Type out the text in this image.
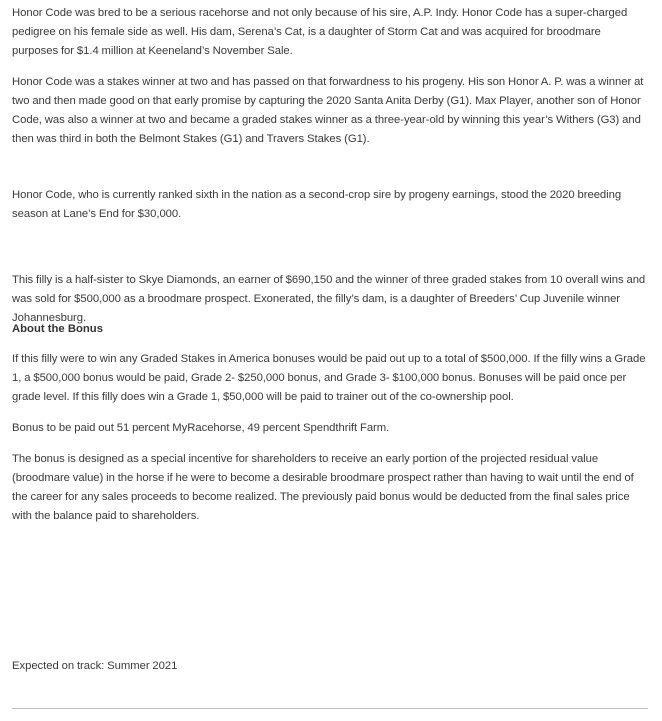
Honor Code was bred to be a serious racehorse and not only because of his sire, A.P. Indy. Honor Code has a super-charged pedigree on his female side as well. His dam, Serena’s Cat, is a daughter of Storm Cat and was acquired for broodmare purposes for $1.4 million at Keeneland’s November Sale.

Honor Code was a stakes winner at two and has passed on that forwardness to his progeny. His son Honor A. P. was a winner at two and then made good on that early promise by capturing the 2020 Santa Anita Derby (G1). Max Player, another son of Honor Code, was also a winner at two and became a graded stakes winner as a three-year-old by winning this year’s Withers (G3) and then was third in both the Belmont Stakes (G1) and Travers Stakes (G1).

Honor Code, who is currently ranked sixth in the nation as a second-crop sire by progeny earnings, stood the 2020 breeding season at Lane’s End for $30,000.

This filly is a half-sister to Skye Diamonds, an earner of $690,150 and the winner of three graded stakes from 10 overall wins and was sold for $500,000 as a broodmare prospect. Exonerated, the filly’s dam, is a daughter of Breeders’ Cup Juvenile winner Johannesburg.

About the Bonus

If this filly were to win any Graded Stakes in America bonuses would be paid out up to a total of $500,000. If the filly wins a Grade 1, a $500,000 bonus would be paid, Grade 2- $250,000 bonus, and Grade 3- $100,000 bonus. Bonuses will be paid once per grade level. If this filly does win a Grade 1, $50,000 will be paid to trainer out of the co-ownership pool.

Bonus to be paid out 51 percent MyRacehorse, 49 percent Spendthrift Farm.

The bonus is designed as a special incentive for shareholders to receive an early portion of the projected residual value (broodmare value) in the horse if he were to become a desirable broodmare prospect rather than having to wait until the end of the career for any sales proceeds to become realized. The previously paid bonus would be deducted from the final sales price with the balance paid to shareholders.

Expected on track: Summer 2021
